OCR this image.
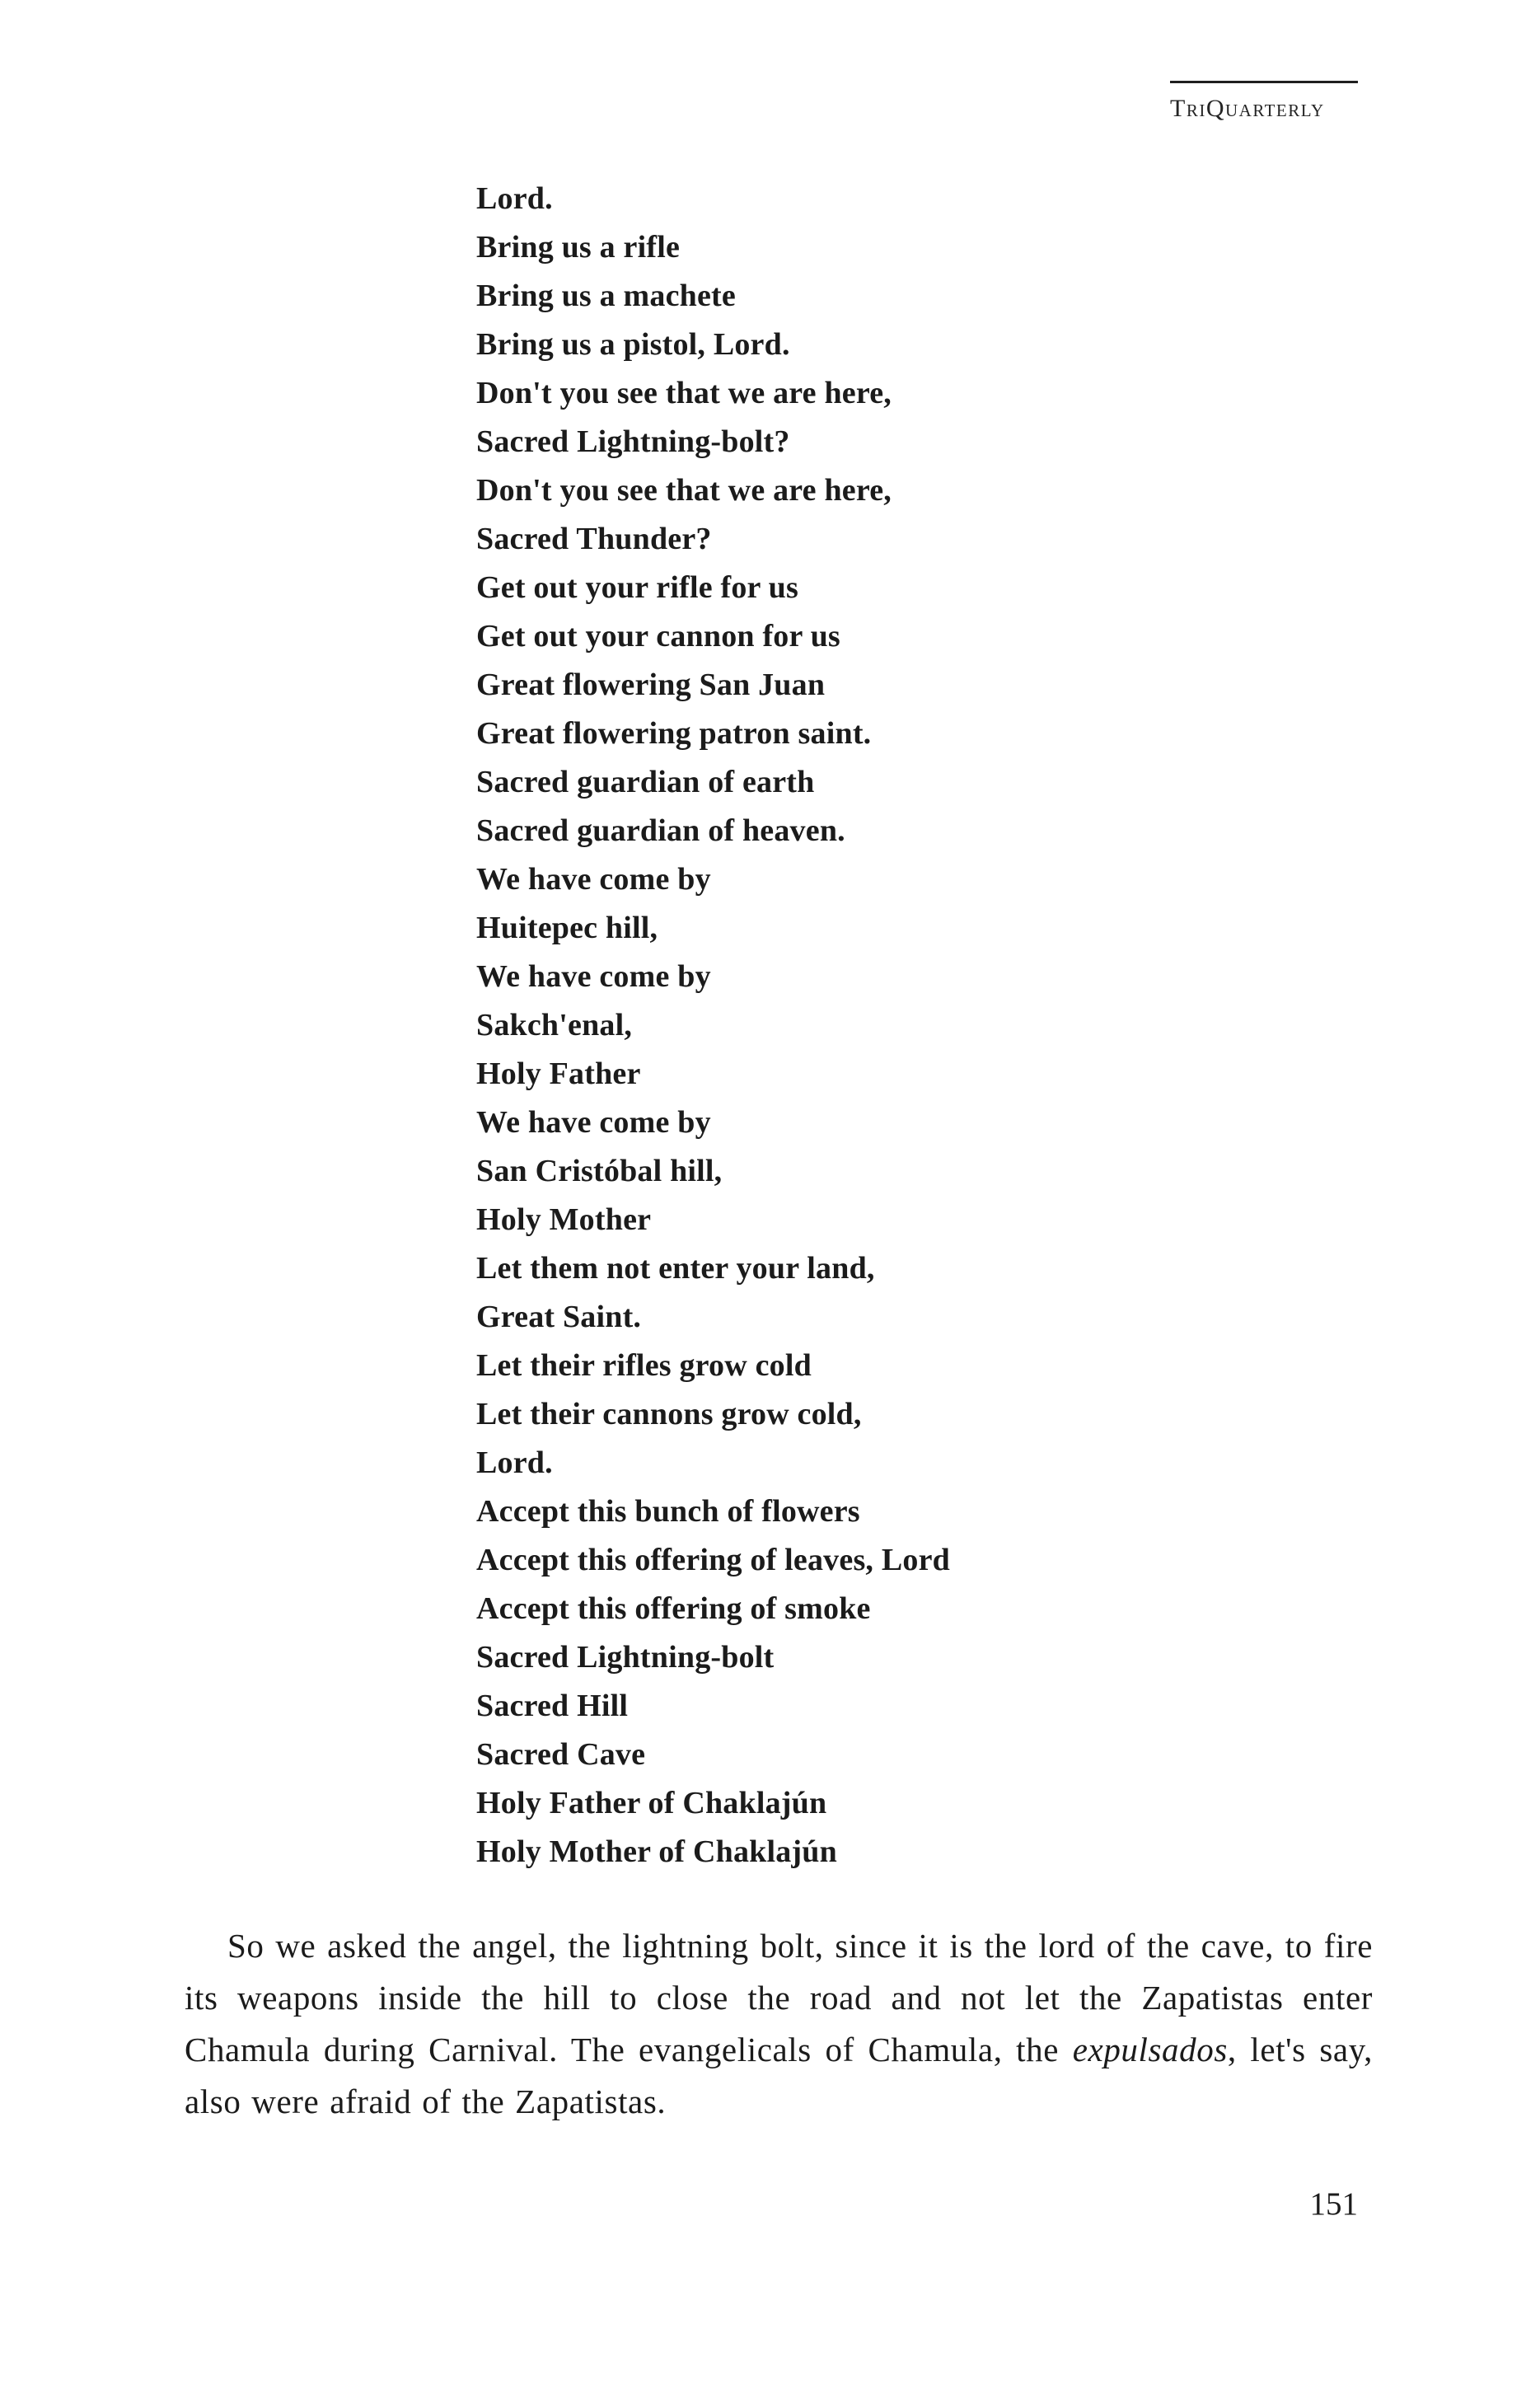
TriQuarterly
Lord.
Bring us a rifle
Bring us a machete
Bring us a pistol, Lord.
Don't you see that we are here,
Sacred Lightning-bolt?
Don't you see that we are here,
Sacred Thunder?
Get out your rifle for us
Get out your cannon for us
Great flowering San Juan
Great flowering patron saint.
Sacred guardian of earth
Sacred guardian of heaven.
We have come by
Huitepec hill,
We have come by
Sakch'enal,
Holy Father
We have come by
San Cristóbal hill,
Holy Mother
Let them not enter your land,
Great Saint.
Let their rifles grow cold
Let their cannons grow cold,
Lord.
Accept this bunch of flowers
Accept this offering of leaves, Lord
Accept this offering of smoke
Sacred Lightning-bolt
Sacred Hill
Sacred Cave
Holy Father of Chaklajún
Holy Mother of Chaklajún

So we asked the angel, the lightning bolt, since it is the lord of the cave, to fire its weapons inside the hill to close the road and not let the Zapatistas enter Chamula during Carnival. The evangelicals of Chamula, the expulsados, let's say, also were afraid of the Zapatistas.

151
